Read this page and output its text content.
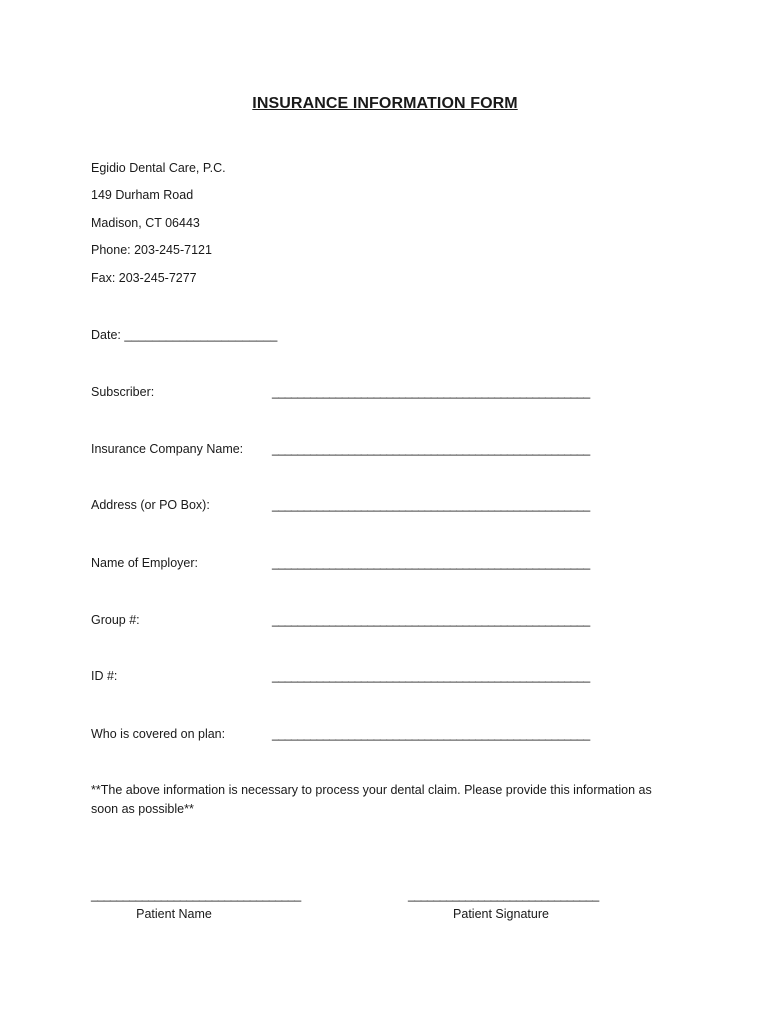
INSURANCE INFORMATION FORM
Egidio Dental Care, P.C.
149 Durham Road
Madison, CT 06443
Phone: 203-245-7121
Fax: 203-245-7277
Date: ______________________
Subscriber:	__________________________________________________
Insurance Company Name: __________________________________________________
Address (or PO Box):	__________________________________________________
Name of Employer:	__________________________________________________
Group #:	__________________________________________________
ID #:	__________________________________________________
Who is covered on plan:	__________________________________________________
**The above information is necessary to process your dental claim. Please provide this information as soon as possible**
_________________________________
Patient Name
______________________________
Patient Signature
